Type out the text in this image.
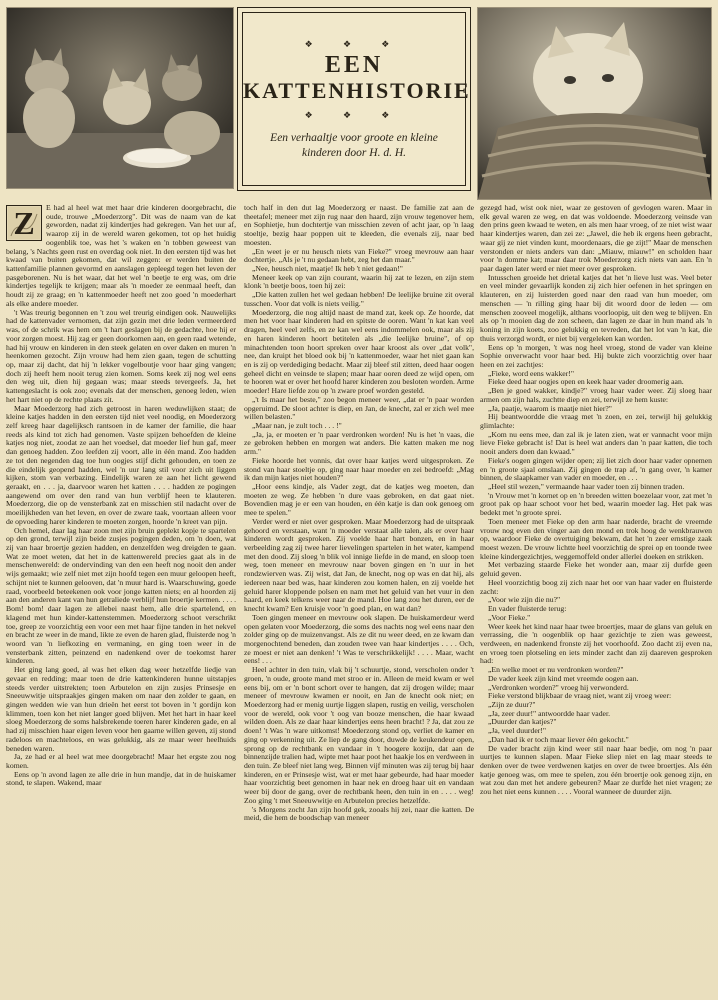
❖ ❖ ❖
EEN
KATTENHISTORIE
❖ ❖ ❖
Een verhaaltje voor groote en kleine kinderen door H. d. H.
Z	E had al heel wat met haar drie kinderen doorgebracht, die oude, trouwe „Moederzorg". Dit was de naam van de kat geworden, nadat zij kindertjes had gekregen. Van het uur af, waarop zij in de wereld waren gekomen, tot op het huidig oogenblik toe, was het 's waken en 'n tobben geweest van belang, 's Nachts geen rust en overdag ook niet. In den eersten tijd was het kwaad van buiten gekomen, dat wil zeggen: er werden buiten de kattenfamilie plannen gevormd en aanslagen gepleegd tegen het leven der pasgeborenen. Nu is het waar, dat het wel 'n beetje te erg was, om drie kindertjes tegelijk te krijgen; maar als 'n moeder ze eenmaal heeft, dan houdt zij ze graag; en 'n kattenmoeder heeft net zoo goed 'n moederhart als elke andere moeder.

't Was treurig begonnen en 't zou wel treurig eindigen ook. Nauwelijks had de kattenvader vernomen, dat zijn gezin met drie leden vermeerderd was, of de schrik was hem om 't hart geslagen bij de gedachte, hoe hij er voor zorgen moest. Hij zag er geen doorkomen aan, en geen raad wetende, had hij vrouw en kinderen in den steek gelaten en over daken en muren 'n heenkomen gezocht. Zijn vrouw had hem zien gaan, tegen de schutting op, maar zij dacht, dat hij 'n lekker vogelboutje voor haar ging vangen; doch zij heeft hem nooit terug zien komen. Soms keek zij nog wel eens den weg uit, dien hij gegaan was; maar steeds tevergeefs. Ja, het kattengeslacht is ook zoo; evenals dat der menschen, genoeg leden, wien het hart niet op de rechte plaats zit.

Maar Moederzorg had zich getroost in haren weduwlijken staat; de kleine katjes hadden in den eersten tijd niet veel noodig, en Moederzorg zelf kreeg haar dagelijksch rantsoen in de kamer der familie, die haar reeds als kind tot zich had genomen. Vaste spijzen behoefden de kleine katjes nog niet, zoodat ze aan het voedsel, dat moeder lief hun gaf, meer dan genoeg hadden. Zoo leefden zij voort, alle in één mand. Zoo hadden ze tot den negenden dag toe hun oogjes stijf dicht gehouden, en toen ze die eindelijk geopend hadden, wel 'n uur lang stil voor zich uit liggen kijken, stom van verbazing. Eindelijk waren ze aan het licht gewend geraakt, en . . . ja, daarvoor waren het katten . . . . hadden ze pogingen aangewend om over den rand van hun verblijf heen te klauteren. Moederzorg, die op de vensterbank zat en misschien stil nadacht over de moeilijkheden van het leven, en over de zware taak, voortaan alleen voor de opvoeding harer kinderen te moeten zorgen, hoorde 'n kreet van pijn.

Och hemel, daar lag haar zoon met zijn bruin geplekt kopje te spartelen op den grond, terwijl zijn beide zusjes pogingen deden, om 'n doen, wat zij van haar broertje gezien hadden, en denzelfden weg dreigden te gaan. Wat ze moet weten, dat het in de kattenwereld precies gaat als in de menschenwereld: de ondervinding van den een heeft nog nooit den ander wijs gemaakt; wie zelf niet met zijn hoofd tegen een muur geloopen heeft, schijnt niet te kunnen gelooven, dat 'n muur hard is. Waarschuwing, goede raad, voorbeeld beteekenen ook voor jonge katten niets; en al hoorden zij aan den anderen kant van hun getraliede verblijf hun broertje kermen. . . . . Bom! bom! daar lagen ze allebei naast hem, alle drie spartelend, en klagend met hun kinder-kattenstemmen. Moederzorg schoot verschrikt toe, greep ze voorzichtig een voor een met haar fijne tanden in het nekvel en bracht ze weer in de mand, likte ze even de haren glad, fluisterde nog 'n woord van 'n liefkozing en vermaning, en ging toen weer in de vensterbank zitten, peinzend en nadenkend over de toekomst harer kinderen.

Het ging lang goed, al was het elken dag weer hetzelfde liedje van gevaar en redding; maar toen de drie kattenkinderen hunne uitstapjes steeds verder uitstrekten; toen Arbutelon en zijn zusjes Prinsesje en Sneeuwwitje uitspraakjes gingen maken om naar den zolder te gaan, en gingen wedden wie van hun drieën het eerst tot boven in 't gordijn kon klimmen, toen kon het niet langer goed blijven. Met het hart in haar keel sloeg Moederzorg de soms halsbrekende toeren harer kinderen gade, en al had zij misschien haar eigen leven voor hen gaarne willen geven, zij stond radeloos en machteloos, en was gelukkig, als ze maar weer heelhuids beneden waren.

Ja, ze had er al heel wat mee doorgebracht! Maar het ergste zou nog komen.

Eens op 'n avond lagen ze alle drie in hun mandje, dat in de huiskamer stond, te slapen. Wakend, maar

toch half in den dut lag Moederzorg er naast. De familie zat aan de theetafel; meneer met zijn rug naar den haard, zijn vrouw tegenover hem, en Sophietje, hun dochtertje van misschien zeven of acht jaar, op 'n laag stoeltje, bezig haar poppen uit te kleeden, die evenals zij, naar bed moesten.

„En weet je er nu heusch niets van Fieke?" vroeg mevrouw aan haar dochtertje. „Als je 't nu gedaan hebt, zeg het dan maar."

„Nee, heusch niet, maatje! Ik heb 't niet gedaan!"

Meneer keek op van zijn courant, waarin hij zat te lezen, en zijn stem klonk 'n beetje boos, toen hij zei:

„Die katten zullen het wel gedaan hebben! De leelijke bruine zit overal tusschen. Voor dat volk is niets veilig."

Moederzorg, die nog altijd naast de mand zat, keek op. Ze hoorde, dat men het voor haar kinderen had en spitste de ooren. Want 'n kat kan veel dragen, heel veel zelfs, en ze kan wel eens indommelen ook, maar als zij en haren kinderen hoort betitelen als „die leelijke bruine", of op minachtenden toon hoort spreken over haar kroost als over „dat volk", nee, dan kruipt het bloed ook bij 'n kattenmoeder, waar het niet gaan kan en is zij op verdediging bedacht. Maar zij bleef stil zitten, deed haar oogen geheel dicht en veinsde te slapen; maar haar ooren deed ze wijd open, om te hooren wat er over het hoofd harer kinderen zou besloten worden. Arme moeder! Hare liefde zou op 'n zware proef worden gesteld.

„'t Is maar het beste," zoo begon meneer weer, „dat er 'n paar worden opgeruimd. De sloot achter is diep, en Jan, de knecht, zal er zich wel mee willen belasten."

„Maar nan, je zult toch . . . !"

„Ja, ja, er moeten er 'n paar verdronken worden! Nu is het 'n vaas, die ze gebroken hebben en morgen wat anders. Die katten maken me nog arm."

Fieke hoorde het vonnis, dat over haar katjes werd uitgesproken. Ze stond van haar stoeltje op, ging naar haar moeder en zei bedroefd: „Mag ik dan mijn katjes niet houden?"

„Hoor eens kindje, als Vader zegt, dat de katjes weg moeten, dan moeten ze weg. Ze hebben 'n dure vaas gebroken, en dat gaat niet. Bovendien mag je er een van houden, en één katje is dan ook genoeg om mee te spelen."

Verder werd er niet over gesproken. Maar Moederzorg had de uitspraak gehoord en verstaan, want 'n moeder verstaat alle talen, als er over haar kinderen wordt gesproken. Zij voelde haar hart bonzen, en in haar verbeelding zag zij twee harer lievelingen spartelen in het water, kampend met den dood. Zij sloeg 'n blik vol innige liefde in de mand, en sloop toen weg, toen meneer en mevrouw naar boven gingen en 'n uur in het rondzwierven was. Zij wist, dat Jan, de knecht, nog op was en dat hij, als iedereen naar bed was, haar kinderen zou komen halen, en zij voelde het geluid harer kloppende polsen en nam met het geluid van het vuur in den haard, en keek telkens weer naar de mand. Hoe lang zou het duren, eer de knecht kwam? Een kruisje voor 'n goed plan, en wat dan?

Toen gingen meneer en mevrouw ook slapen. De huiskamerdeur werd open gelaten voor Moederzorg, die soms des nachts nog wel eens naar den zolder ging op de muizenvangst. Als ze dit nu weer deed, en ze kwam dan morgenochtend beneden, dan zouden twee van haar kindertjes . . . . Och, ze moest er niet aan denken! 't Was te verschrikkelijk! . . . . Maar, wacht eens! . . .

Heel achter in den tuin, vlak bij 't schuurtje, stond, verscholen onder 't groen, 'n oude, groote mand met stroo er in. Alleen de meid kwam er wel eens bij, om er 'n bont schort over te hangen, dat zij drogen wilde; maar meneer of mevrouw kwamen er nooit, en Jan de knecht ook niet; en Moederzorg had er menig uurtje liggen slapen, rustig en veilig, verscholen voor de wereld, ook voor 't oog van booze menschen, die haar kwaad wilden doen. Als ze daar haar kindertjes eens heen bracht! ? Ja, dat zou ze doen! 't Was 'n ware uitkomst! Moederzorg stond op, verliet de kamer en ging op verkenning uit. Ze liep de gang door, duwde de keukendeur open, sprong op de rechtbank en vandaar in 't hoogere kozijn, dat aan de binnenzijde tralien had, wipte met haar poot het haakje los en verdween in den tuin. Ze bleef niet lang weg. Binnen vijf minuten was zij terug bij haar kinderen, en er Prinsesje wist, wat er met haar gebeurde, had haar moeder haar voorzichtig beet genomen in haar nek en droeg haar uit en vandaan weer bij door de gang, over de rechtbank heen, den tuin in en . . . . weg! Zoo ging 't met Sneeuwwitje en Arbutelon precies hetzelfde.

's Morgens zocht Jan zijn hoofd gek, zooals hij zei, naar die katten. De meid, die hem de boodschap van meneer

gezegd had, wist ook niet, waar ze gestoven of gevlogen waren. Maar in elk geval waren ze weg, en dat was voldoende. Moederzorg veinsde van den prins geen kwaad te weten, en als men haar vroeg, of ze niet wist waar haar kindertjes waren, dan zei ze: „Jawel, die heb ik ergens heen gebracht, waar gij ze niet vinden kunt, moordenaars, die ge zijt!" Maar de menschen verstonden er niets anders van dan: „Miauw, miauw!" en scholden haar voor 'n domme kat; maar daar trok Moederzorg zich niets van aan. En 'n paar dagen later werd er niet meer over gesproken.

Intusschen groeide het drietal katjes dat het 'n lieve lust was. Veel beter en veel minder gevaarlijk konden zij zich hier oefenen in het springen en klauteren, en zij luisterden goed naar den raad van hun moeder, om menschen — 'n rilling ging haar bij dit woord door de leden — om menschen zooveel mogelijk, althans voorloopig, uit den weg te blijven. En als op 'n mooien dag de zon scheen, dan lagen ze daar in hun mand als 'n koning in zijn koets, zoo gelukkig en tevreden, dat het lot van 'n kat, die thuis verzorgd wordt, er niet bij vergeleken kan worden.

Eens op 'n morgen, 't was nog heel vroeg, stond de vader van kleine Sophie onverwacht voor haar bed. Hij bukte zich voorzichtig over haar heen en zei zachtjes:

„Fieke, word eens wakker!"

Fieke deed haar oogjes open en keek haar vader droomerig aan.

„Ben je goed wakker, kindje?" vroeg haar vader weer. Zij sloeg haar armen om zijn hals, zuchtte diep en zei, terwijl ze hem kuste:

„Ja, paatje, waarom is maatje niet hier?"

Hij beantwoordde die vraag met 'n zoen, en zei, terwijl hij gelukkig glimlachte:

„Kom nu eens mee, dan zal ik je laten zien, wat er vannacht voor mijn lieve Fieke gebracht is! Dat is heel wat anders dan 'n paar katten, die toch nooit anders doen dan kwaad."

Fieke's oogen gingen wijder open; zij liet zich door haar vader opnemen en 'n groote sjaal omslaan. Zij gingen de trap af, 'n gang over, 'n kamer binnen, de slaapkamer van vader en moeder, en . . .

„Heel stil wezen," vermaande haar vader toen zij binnen traden.

'n Vrouw met 'n kornet op en 'n breeden witten boezelaar voor, zat met 'n groot pak op haar schoot voor het bed, waarin moeder lag. Het pak was bedekt met 'n groote sprei.

Toen meneer met Fieke op den arm haar naderde, bracht de vreemde vrouw nog even den vinger aan den mond en trok hoog de wenkbrauwen op, waardoor Fieke de overtuiging bekwam, dat het 'n zeer ernstige zaak moest wezen. De vrouw lichtte heel voorzichtig de sprei op en toonde twee kleine kindergezichtjes, weggemoffeld onder allerlei doeken en strikken.

Met verbazing staarde Fieke het wonder aan, maar zij durfde geen geluid geven.

Heel voorzichtig boog zij zich naar het oor van haar vader en fluisterde zacht:

„Voor wie zijn die nu?"

En vader fluisterde terug:

„Voor Fieke."

Weer keek het kind naar haar twee broertjes, maar de glans van geluk en verrassing, die 'n oogenblik op haar gezichtje te zien was geweest, verdween, en nadenkend fronste zij het voorhoofd. Zoo dacht zij even na, en vroeg toen plotseling en iets minder zacht dan zij daareven gesproken had:

„En welke moet er nu verdronken worden?"

De vader keek zijn kind met vreemde oogen aan.

„Verdronken worden?" vroeg hij verwonderd.

Fieke verstond blijkbaar de vraag niet, want zij vroeg weer:

„Zijn ze duur?"

„Ja, zeer duur!" antwoordde haar vader.

„Duurder dan katjes?"

„Ja, veel duurder!"

„Dan had ik er toch maar liever één gekocht."

De vader bracht zijn kind weer stil naar haar bedje, om nog 'n paar uurtjes te kunnen slapen. Maar Fieke sliep niet en lag maar steeds te denken over de twee verdwenen katjes en over de twee broertjes. Als één katje genoeg was, om mee te spelen, zou één broertje ook genoeg zijn, en wat zou dan met het andere gebeuren? Maar ze durfde het niet vragen; ze zou het niet eens kunnen . . . . Vooral wanneer de duurder zijn.
